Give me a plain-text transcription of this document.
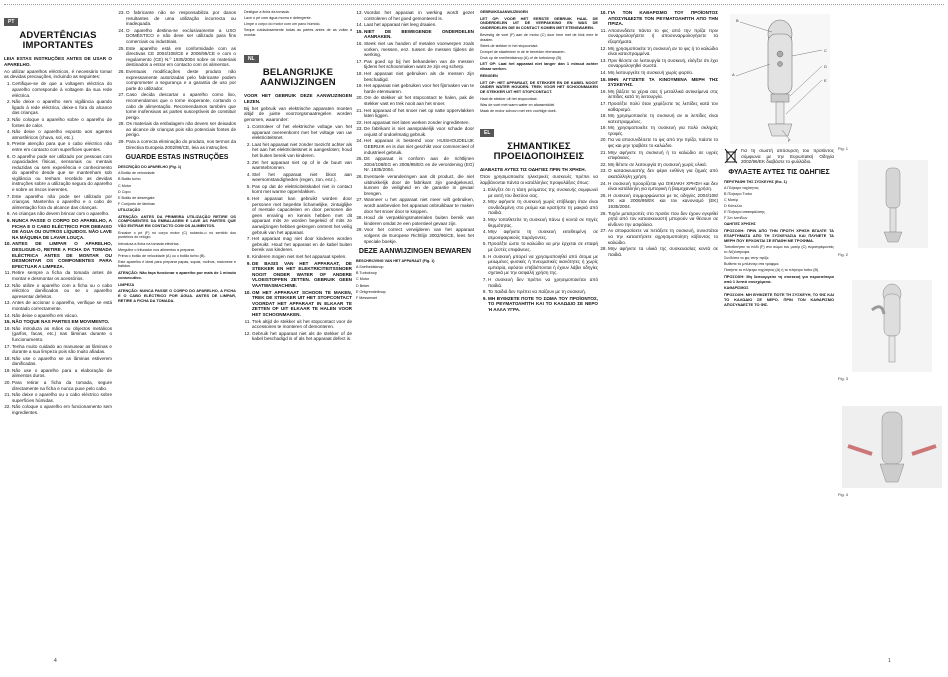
PT
ADVERTÊNCIAS IMPORTANTES

LEIA ESTAS INSTRUÇÕES ANTES DE USAR O APARELHO.

Ao utilizar aparelhos eléctricos, é necessário tomar as devidas precauções, incluindo as seguintes:

1. Certifique-se de que a voltagem eléctrica do aparelho corresponde à voltagem da sua rede eléctrica.
2. Não deixe o aparelho sem vigilância quando ligado à rede eléctrica, deixe-o fora do alcance das crianças.
3. Não coloque o aparelho sobre o aparelho de fontes de calor.
4. Não deixe o aparelho exposto aos agentes atmosféricos (chuva, sol, etc.).
5. Preste atenção para que o cabo eléctrico não entre em contacto com superfícies quentes.
6. O aparelho pode ser utilizado por pessoas com capacidades físicas, sensoriais ou mentais reduzidas ou sem experiência e conhecimento do aparelho desde que se mantenham sob vigilância ou tenham recebido as devidas instruções sobre a utilização segura do aparelho e sobre os riscos inerentes.
7. Este aparelho não pode ser utilizado por crianças. Mantenha o aparelho e o cabo de alimentação fora do alcance das crianças.
8. As crianças não devem brincar com o aparelho.
9. NUNCA PASSE O CORPO DO APARELHO, A FICHA E O CABO ELÉCTRICO POR DEBAIXO DE ÁGUA OU OUTROS LÍQUIDOS. NÃO LAVE NA MÁQUINA DE LAVAR LOUÇA.
10. ANTES DE LIMPAR O APARELHO, DESLIGUE-O, RETIRE A FICHA DA TOMADA ELÉCTRICA ANTES DE MONTAR OU DESMONTAR OS COMPONENTES PARA EFECTUAR A LIMPEZA.
11. Retire sempre a ficha da tomada antes de montar e desmontar os acessórios.
12. Não utilize o aparelho com a ficha ou o cabo eléctrico danificados ou se o aparelho apresentar defeitos.
13. Antes de accionar o aparelho, verifique se está montado correctamente.
14. Não deixe o aparelho em vácuo.
15. NÃO TOQUE NAS PARTES EM MOVIMENTO.
16. Não introduza as mãos ou objectos metálicos (garfos, facas, etc.) nas lâminas durante o funcionamento.
17. Tenha muito cuidado ao manusear as lâminas e durante a sua limpeza pois são muito afiadas.
18. Não use o aparelho se as lâminas estiverem danificadas.
19. Não use o aparelho para a elaboração de alimentos duros.
20. Para retirar a ficha da tomada, segure directamente na ficha e nunca puxe pelo cabo.
21. Não deixe o aparelho ou o cabo eléctrico sobre superfícies húmidas.
22. Não coloque o aparelho em funcionamento sem ingredientes.
4
23. O fabricante não se responsabiliza por danos resultantes de uma utilização incorrecta ou inadequada.
24. O aparelho destina-se exclusivamente a USO DOMÉSTICO e não deve ser utilizado para fins comerciais ou industriais.
25. Este aparelho está em conformidade com as directivas CE 2004/108/CE e 2006/95/CE e com o regulamento (CE) N.º 1935/2004 sobre os materiais destinados a entrar em contacto com os alimentos.
26. Eventuais modificações deste produto não expressamente autorizadas pelo fabricante podem comprometer a segurança e a garantia de uso por parte do utilizador.
27. Caso decida descartar o aparelho como lixo, recomendamos que o torne inoperante, cortando o cabo de alimentação. Recomendamos também que torne inofensivas as partes susceptíveis de constituir perigo.
28. Os materiais da embalagem não devem ser deixados ao alcance de crianças pois são potenciais fontes de perigo.
29. Para a correcta eliminação do produto, nos termos da Directiva Europeia 2002/96/CE, leia as instruções.
GUARDE ESTAS INSTRUÇÕES

DESCRIÇÃO DO APARELHO (Fig. 1)

A Botão de velocidade

B Botão turbo

C Motor

D Copo

E Botão de desengate

F Conjunto de lâminas

UTILIZAÇÃO

ATENÇÃO: ANTES DA PRIMEIRA UTILIZAÇÃO RETIRE OS COMPONENTES DA EMBALAGEM E LAVE AS PARTES QUE VÃO ENTRAR EM CONTACTO COM OS ALIMENTOS.

Encaixe o pé (F) no corpo motor (C) rodando-o no sentido dos ponteiros do relógio.

Introduza a ficha na tomada eléctrica.

Mergulhe o triturador nos alimentos a preparar.

Prima o botão de velocidade (A) ou o botão turbo (B).

Este aparelho é ideal para preparar papas, sopas, molhos, maionese e batidos.

ATENÇÃO: Não faça funcionar o aparelho por mais de 1 minuto consecutivo.

LIMPEZA

ATENÇÃO: NUNCA PASSE O CORPO DO APARELHO, A FICHA E O CABO ELÉCTRICO POR ÁGUA. ANTES DE LIMPAR, RETIRE A FICHA DA TOMADA.

Desligue a ficha da tomada.

Lave o pé com água morna e detergente.

Limpe o corpo do motor com um pano húmido.

Seque cuidadosamente todas as partes antes de as voltar a montar.

NL
BELANGRIJKE AANWIJZINGEN

VOOR HET GEBRUIK DEZE AANWIJZINGEN LEZEN.

Bij het gebruik van elektrische apparaten moeten altijd de juiste voorzorgsmaatregelen worden genomen, waaronder:

1. Controleer of het elektrische voltage van het apparaat overeenkomt met het voltage van uw elektriciteitsnet.
2. Laat het apparaat niet zonder toezicht achter als het aan het elektriciteitsnet is aangesloten; houd het buiten bereik van kinderen.
3. Zet het apparaat niet op of in de buurt van warmtebronnen.
4. Stel het apparaat niet bloot aan weersomstandigheden (regen, zon, enz.).
5. Pas op dat de elektriciteitskabel niet in contact komt met warme oppervlakken.
6. Het apparaat kan gebruikt worden door personen met beperkte lichamelijke, zintuiglijke of mentale capaciteiten en door personen die geen ervaring en kennis hebben met dit apparaat mits ze worden begeleid of mits ze aanwijzingen hebben gekregen omtrent het veilig gebruik van het apparaat.
7. Het apparaat mag niet door kinderen worden gebruikt. Houd het apparaat en de kabel buiten bereik van kinderen.
8. Kinderen mogen niet met het apparaat spelen.
9. DE BASIS VAN HET APPARAAT, DE STEKKER EN HET ELEKTRICITEITSSNOER NOOIT ONDER WATER OF ANDERE VLOEISTOFFEN ZETTEN. GEBRUIK GEEN VAATWASMACHINE.
10. OM HET APPARAAT SCHOON TE MAKEN, TREK DE STEKKER UIT HET STOPCONTACT VOORDAT HET APPARAAT IN ELKAAR TE ZETTEN OF UIT ELKAAR TE HALEN VOOR HET SCHOONMAKEN.
11. Trek altijd de stekker uit het stopcontact voor de accessoires te monteren of demonteren.
12. Gebruik het apparaat niet als de stekker of de kabel beschadigd is of als het apparaat defect is.
13. Voordat het apparaat in werking wordt gezet controleren of het goed gemonteerd is.
14. Laat het apparaat niet leeg draaien.
15. NIET DE BEWEGENDE ONDERDELEN AANRAKEN.
16. Steek niet uw handen of metalen voorwerpen zoals vorken, messen, enz. tussen de messen tijdens de werking.
17. Pas goed op bij het behandelen van de messen tijdens het schoonmaken want ze zijn erg scherp.
18. Het apparaat niet gebruiken als de messen zijn beschadigd.
19. Het apparaat niet gebruiken voor het fijnmaken van te harde etenswaren.
20. Om de stekker uit het stopcontact te halen, pak de stekker vast en trek nooit aan het snoer.
21. Het apparaat of het snoer niet op natte oppervlakken laten liggen.
22. Het apparaat niet laten werken zonder ingrediënten.
23. De fabrikant is niet aansprakelijk voor schade door onjuist of ondoelmatig gebruik.
24. Het apparaat is bestemd voor HUISHOUDELIJK GEBRUIK en is dus niet geschikt voor commercieel of industrieel gebruik.
25. Dit apparaat is conform aan de richtlijnen 2004/108/EG en 2006/95/EG en de verordening (EG) Nr. 1935/2004.
26. Eventuele veranderingen aan dit product, die niet uitdrukkelijk door de fabrikant zijn goedgekeurd, kunnen de veiligheid en de garantie in gevaar brengen.
27. Wanneer u het apparaat niet meer wilt gebruiken, wordt aanbevolen het apparaat onbruikbaar te maken door het snoer door te knippen.
28. Houd de verpakkingsmaterialen buiten bereik van kinderen omdat ze een potentieel gevaar zijn.
29. Voor het correct verwijderen van het apparaat volgens de Europese Richtlijn 2002/96/CE, lees het speciale boekje.
DEZE AANWIJZINGEN BEWAREN

BESCHRIJVING VAN HET APPARAAT (Fig. 1)

A Snelheidsknop

B Turboknop

C Motor

D Beker

E Ontgrendelknop

F Messenset

GEBRUIKSAANWIJZINGEN

LET OP: VOOR HET EERSTE GEBRUIK HAAL DE ONDERDELEN UIT DE VERPAKKING EN WAS DE ONDERDELEN DIE IN CONTACT KOMEN MET ETENSWAREN.

Bevestig de voet (F) aan de motor (C) door hem met de klok mee te draaien.

Steek de stekker in het stopcontact.

Dompel de staafmixer in de te bereiden etenswaren.

Druk op de snelheidsknop (A) of de turboknop (B).

LET OP: Laat het apparaat niet langer dan 1 minuut achter elkaar werken.

REINIGEN

LET OP: HET APPARAAT, DE STEKKER EN DE KABEL NOOIT ONDER WATER HOUDEN. TREK VOOR HET SCHOONMAKEN DE STEKKER UIT HET STOPCONTACT.

Haal de stekker uit het stopcontact.

Was de voet met warm water en afwasmiddel.

Maak de motor schoon met een vochtige doek.

EL
ΣΗΜΑΝΤΙΚΕΣ ΠΡΟΕΙΔΟΠΟΙΗΣΕΙΣ

ΔΙΑΒΑΣΤΕ ΑΥΤΕΣ ΤΙΣ ΟΔΗΓΙΕΣ ΠΡΙΝ ΤΗ ΧΡΗΣΗ.

Όταν χρησιμοποιείτε ηλεκτρικές συσκευές πρέπει να λαμβάνονται πάντα οι κατάλληλες προφυλάξεις όπως:

1. Ελέγξτε ότι η τάση ρεύματος της συσκευής συμφωνεί με αυτή του δικτύου σας.
2. Μην αφήνετε τη συσκευή χωρίς επίβλεψη όταν είναι συνδεδεμένη στο ρεύμα και κρατήστε τη μακριά από παιδιά.
3. Μην τοποθετείτε τη συσκευή πάνω ή κοντά σε πηγές θερμότητας.
4. Μην αφήνετε τη συσκευή εκτεθειμένη σε ατμοσφαιρικούς παράγοντες.
5. Προσέξτε ώστε το καλώδιο να μην έρχεται σε επαφή με ζεστές επιφάνειες.
6. Η συσκευή μπορεί να χρησιμοποιηθεί από άτομα με μειωμένες φυσικές ή πνευματικές ικανότητες ή χωρίς εμπειρία, εφόσον επιβλέπονται ή έχουν λάβει οδηγίες σχετικά με την ασφαλή χρήση της.
7. Η συσκευή δεν πρέπει να χρησιμοποιείται από παιδιά.
8. Τα παιδιά δεν πρέπει να παίζουν με τη συσκευή.
9. ΜΗ ΒΥΘΙΖΕΤΕ ΠΟΤΕ ΤΟ ΣΩΜΑ ΤΟΥ ΠΡΟΪΟΝΤΟΣ, ΤΟ ΡΕΥΜΑΤΟΛΗΠΤΗ ΚΑΙ ΤΟ ΚΑΛΩΔΙΟ ΣΕ ΝΕΡΟ Ή ΑΛΛΑ ΥΓΡΑ.
10. ΓΙΑ ΤΟΝ ΚΑΘΑΡΙΣΜΟ ΤΟΥ ΠΡΟΪΟΝΤΟΣ ΑΠΟΣΥΝΔΕΣΤΕ ΤΟΝ ΡΕΥΜΑΤΟΛΗΠΤΗ ΑΠΟ ΤΗΝ ΠΡΙΖΑ.
11. Αποσυνδέετε πάντα το φις από την πρίζα πριν συναρμολογήσετε ή αποσυναρμολογήσετε τα εξαρτήματα.
12. Μη χρησιμοποιείτε τη συσκευή αν το φις ή το καλώδιο είναι κατεστραμμένα.
13. Πριν θέσετε σε λειτουργία τη συσκευή, ελέγξτε ότι έχει συναρμολογηθεί σωστά.
14. Μη λειτουργείτε τη συσκευή χωρίς φορτίο.
15. ΜΗΝ ΑΓΓΙΖΕΤΕ ΤΑ ΚΙΝΟΥΜΕΝΑ ΜΕΡΗ ΤΗΣ ΣΥΣΚΕΥΗΣ.
16. Μη βάζετε τα χέρια σας ή μεταλλικά αντικείμενα στις λεπίδες κατά τη λειτουργία.
17. Προσέξτε πολύ όταν χειρίζεστε τις λεπίδες κατά τον καθαρισμό.
18. Μη χρησιμοποιείτε τη συσκευή αν οι λεπίδες είναι κατεστραμμένες.
19. Μη χρησιμοποιείτε τη συσκευή για πολύ σκληρές τροφές.
20. Για να αποσυνδέσετε το φις από την πρίζα, πιάστε το φις και μην τραβάτε το καλώδιο.
21. Μην αφήνετε τη συσκευή ή το καλώδιο σε υγρές επιφάνειες.
22. Μη θέτετε σε λειτουργία τη συσκευή χωρίς υλικά.
23. Ο κατασκευαστής δεν φέρει ευθύνη για ζημιές από ακατάλληλη χρήση.
24. Η συσκευή προορίζεται για ΟΙΚΙΑΚΗ ΧΡΗΣΗ και δεν είναι κατάλληλη για εμπορική ή βιομηχανική χρήση.
25. Η συσκευή συμμορφώνεται με τις οδηγίες 2004/108/ΕΚ και 2006/95/ΕΚ και τον κανονισμό (ΕΚ) 1935/2004.
26. Τυχόν μετατροπές στο προϊόν που δεν έχουν εγκριθεί ρητά από τον κατασκευαστή μπορούν να θέσουν σε κίνδυνο την ασφάλεια.
27. Αν αποφασίσετε να πετάξετε τη συσκευή, συνιστάται να την καταστήσετε αχρησιμοποίητη κόβοντας το καλώδιο.
28. Μην αφήνετε τα υλικά της συσκευασίας κοντά σε παιδιά.
B
A
C
D
E
F

Για τη σωστή απόσυρση του προϊόντος σύμφωνα με την Ευρωπαϊκή Οδηγία 2002/96/ΕΚ διαβάστε το φυλλάδιο.

ΦΥΛΑΞΤΕ ΑΥΤΕΣ ΤΙΣ ΟΔΗΓΙΕΣ

ΠΕΡΙΓΡΑΦΗ ΤΗΣ ΣΥΣΚΕΥΗΣ (Εικ. 1)

A Πλήκτρο ταχύτητας

B Πλήκτρο Turbo

C Μοτέρ

D Κύπελλο

E Πλήκτρο απασφάλισης

F Σετ λεπίδων

ΟΔΗΓΙΕΣ ΧΡΗΣΗΣ

ΠΡΟΣΟΧΗ: ΠΡΙΝ ΑΠΟ ΤΗΝ ΠΡΩΤΗ ΧΡΗΣΗ ΒΓΑΛΤΕ ΤΑ ΕΞΑΡΤΗΜΑΤΑ ΑΠΟ ΤΗ ΣΥΣΚΕΥΑΣΙΑ ΚΑΙ ΠΛΥΝΕΤΕ ΤΑ ΜΕΡΗ ΠΟΥ ΕΡΧΟΝΤΑΙ ΣΕ ΕΠΑΦΗ ΜΕ ΤΡΟΦΙΜΑ.

Τοποθετήστε το πόδι (F) στο σώμα του μοτέρ (C) περιστρέφοντάς το δεξιόστροφα.

Συνδέστε το φις στην πρίζα.

Βυθίστε το μπλέντερ στα τρόφιμα.

Πατήστε το πλήκτρο ταχύτητας (A) ή το πλήκτρο turbo (B).

ΠΡΟΣΟΧΗ: Μη λειτουργείτε τη συσκευή για περισσότερο από 1 λεπτό συνεχόμενα.

ΚΑΘΑΡΙΣΜΟΣ

ΠΡΟΣΟΧΗ: ΜΗ ΒΥΘΙΖΕΤΕ ΠΟΤΕ ΤΗ ΣΥΣΚΕΥΗ, ΤΟ ΦΙΣ ΚΑΙ ΤΟ ΚΑΛΩΔΙΟ ΣΕ ΝΕΡΟ. ΠΡΙΝ ΤΟΝ ΚΑΘΑΡΙΣΜΟ ΑΠΟΣΥΝΔΕΣΤΕ ΤΟ ΦΙΣ.

Fig. 1
Fig. 2
Fig. 3
Fig. 4
1
